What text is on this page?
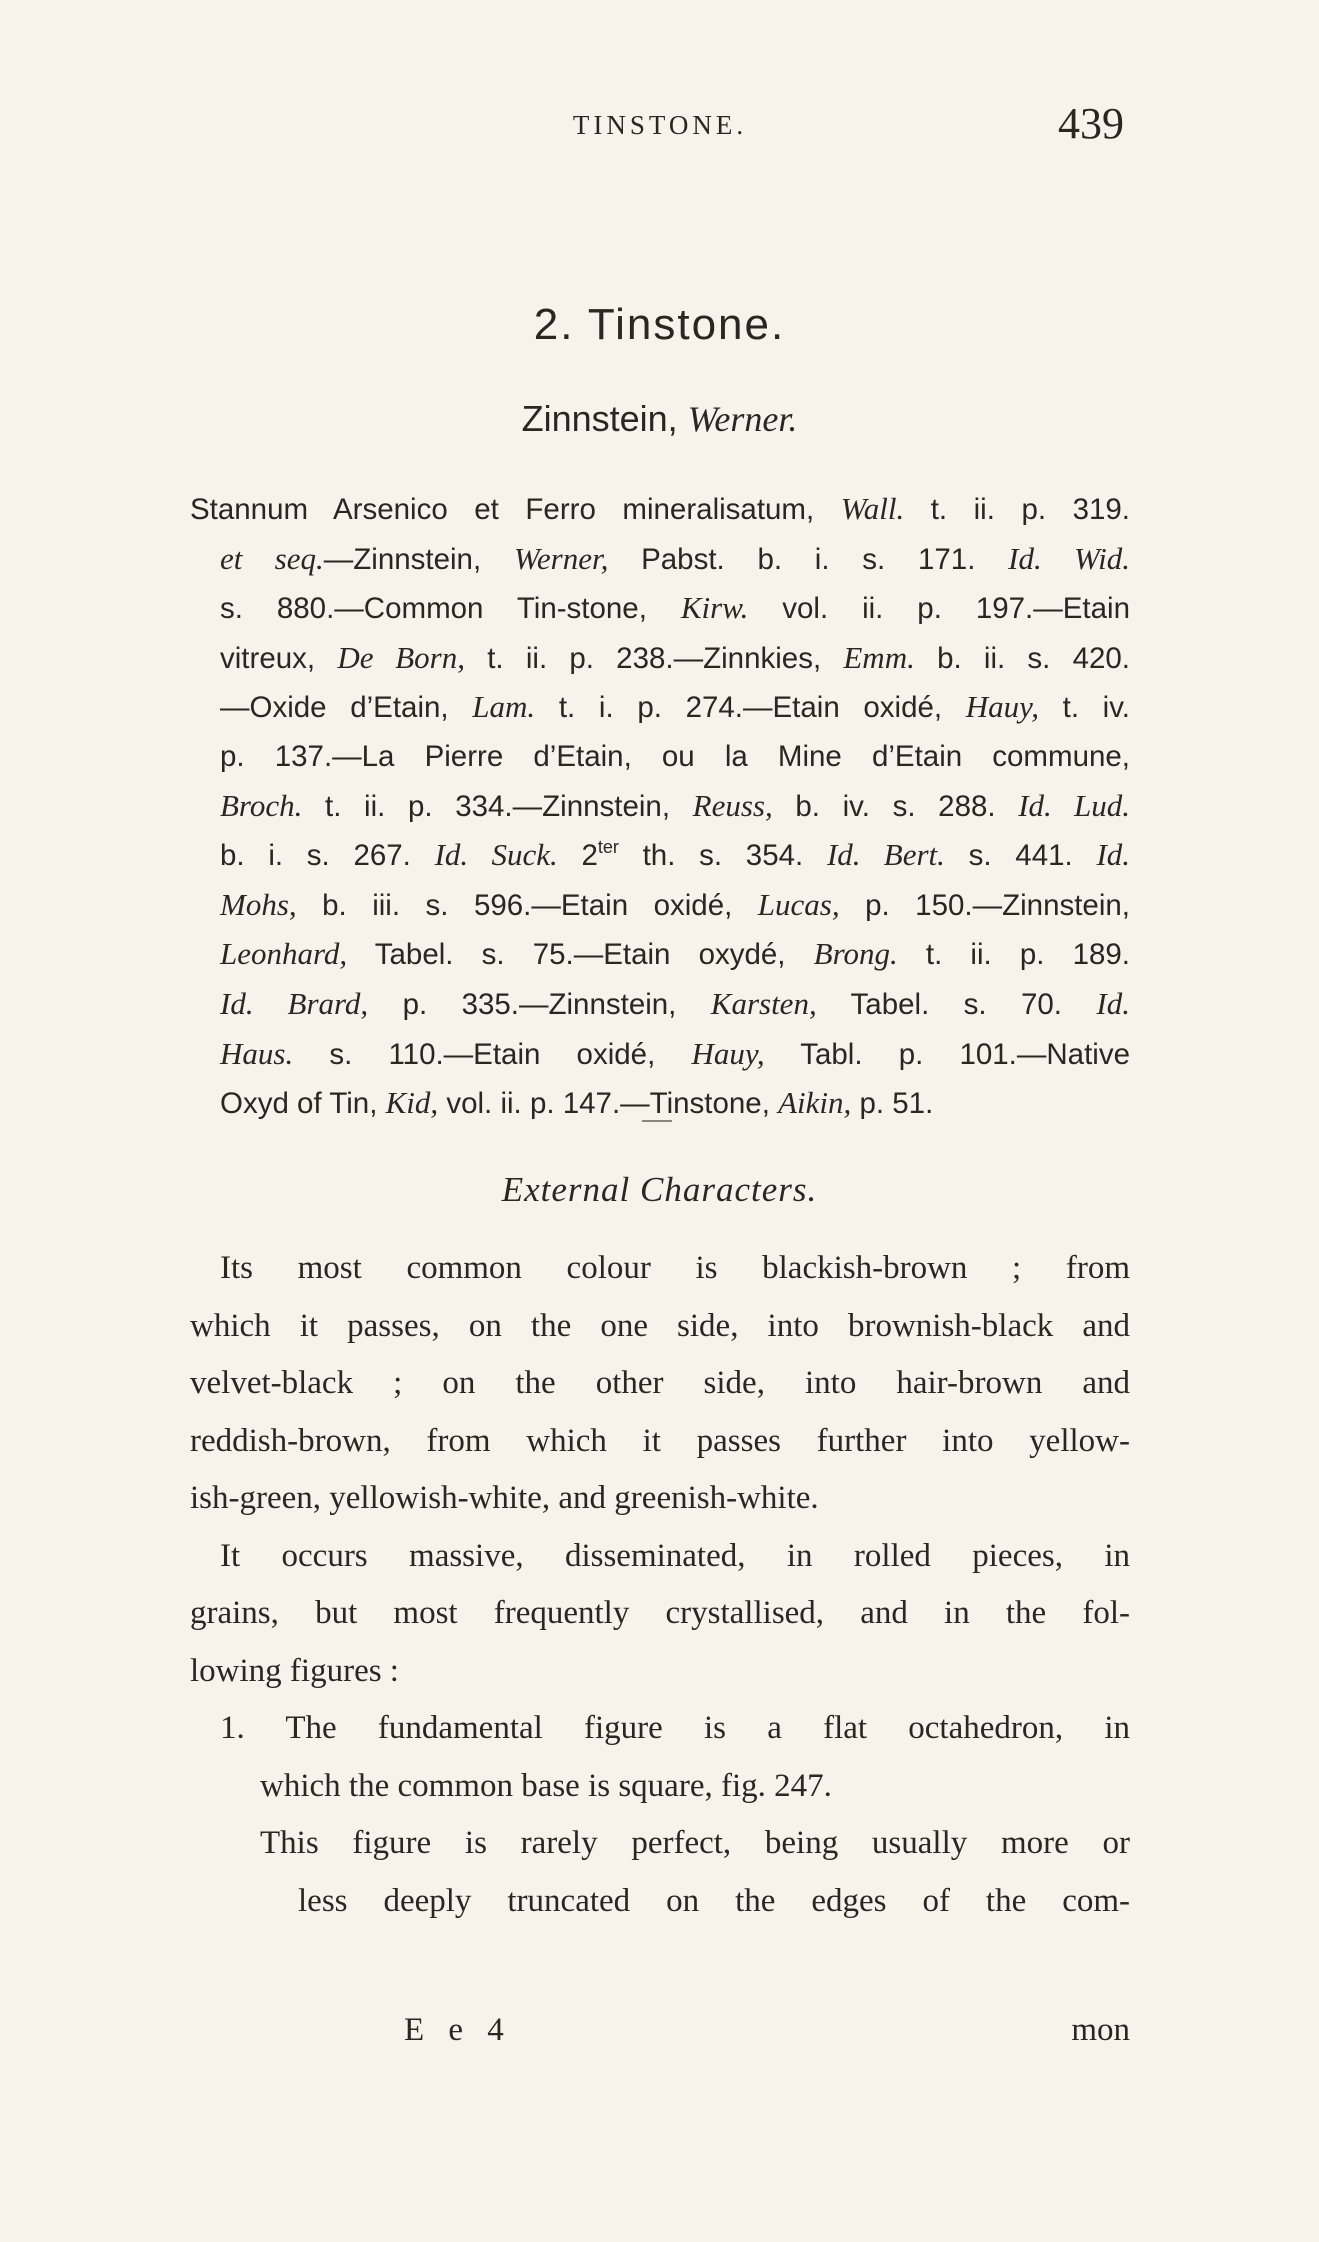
TINSTONE.	439
2. Tinstone.
Zinnstein, Werner.
Stannum Arsenico et Ferro mineralisatum, Wall. t. ii. p. 319.
et seq.—Zinnstein, Werner, Pabst. b. i. s. 171. Id. Wid.
s. 880.—Common Tin-stone, Kirw. vol. ii. p. 197.—Etain
vitreux, De Born, t. ii. p. 238.—Zinnkies, Emm. b. ii. s. 420.
—Oxide d’Etain, Lam. t. i. p. 274.—Etain oxidé, Hauy, t. iv.
p. 137.—La Pierre d’Etain, ou la Mine d’Etain commune,
Broch. t. ii. p. 334.—Zinnstein, Reuss, b. iv. s. 288. Id. Lud.
b. i. s. 267. Id. Suck. $2^{ter}$ th. s. 354. Id. Bert. s. 441. Id.
Mohs, b. iii. s. 596.—Etain oxidé, Lucas, p. 150.—Zinnstein,
Leonhard, Tabel. s. 75.—Etain oxydé, Brong. t. ii. p. 189.
Id. Brard, p. 335.—Zinnstein, Karsten, Tabel. s. 70. Id.
Haus. s. 110.—Etain oxidé, Hauy, Tabl. p. 101.—Native
Oxyd of Tin, Kid, vol. ii. p. 147.—Tinstone, Aikin, p. 51.
External Characters.
Its most common colour is blackish-brown ; from
which it passes, on the one side, into brownish-black and
velvet-black ; on the other side, into hair-brown and
reddish-brown, from which it passes further into yellow-
ish-green, yellowish-white, and greenish-white.
It occurs massive, disseminated, in rolled pieces, in
grains, but most frequently crystallised, and in the fol-
lowing figures :
1. The fundamental figure is a flat octahedron, in
which the common base is square, fig. 247.
This figure is rarely perfect, being usually more or
less deeply truncated on the edges of the com-
E e 4	mon
